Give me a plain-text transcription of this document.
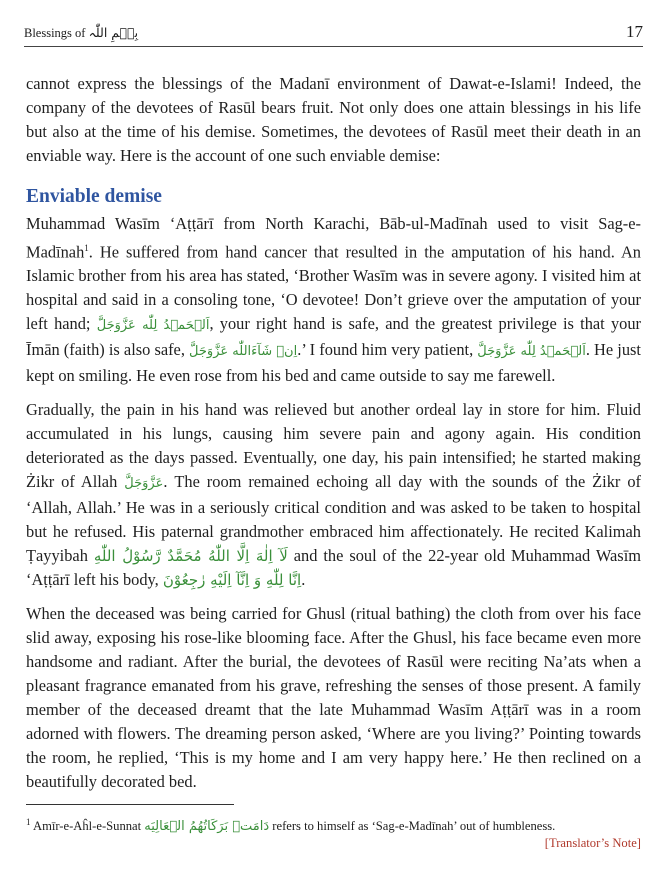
Blessings of بِسۡمِ اللّٰہ	17

cannot express the blessings of the Madanī environment of Dawat-e-Islami! Indeed, the company of the devotees of Rasūl bears fruit. Not only does one attain blessings in his life but also at the time of his demise. Sometimes, the devotees of Rasūl meet their death in an enviable way. Here is the account of one such enviable demise:

Enviable demise

Muhammad Wasīm ‘Aṭṭārī from North Karachi, Bāb-ul-Madīnah used to visit Sag-e-Madīnah$^1$. He suffered from hand cancer that resulted in the amputation of his hand. An Islamic brother from his area has stated, ‘Brother Wasīm was in severe agony. I visited him at hospital and said in a consoling tone, ‘O devotee! Don’t grieve over the amputation of your left hand; اَلۡحَمۡدُ لِلّٰه عَزَّوَجَلَّ, your right hand is safe, and the greatest privilege is that your Īmān (faith) is also safe, اِنۡ شَآءَاللّٰه عَزَّوَجَلَّ.’ I found him very patient, اَلۡحَمۡدُ لِلّٰه عَزَّوَجَلَّ. He just kept on smiling. He even rose from his bed and came outside to say me farewell.

Gradually, the pain in his hand was relieved but another ordeal lay in store for him. Fluid accumulated in his lungs, causing him severe pain and agony again. His condition deteriorated as the days passed. Eventually, one day, his pain intensified; he started making Żikr of Allah عَزَّوَجَلَّ. The room remained echoing all day with the sounds of the Żikr of ‘Allah, Allah.’ He was in a seriously critical condition and was asked to be taken to hospital but he refused. His paternal grandmother embraced him affectionately. He recited Kalimah Ṭayyibah لَآ اِلٰهَ اِلَّا اللّٰهُ مُحَمَّدٌ رَّسُوْلُ اللّٰهِ and the soul of the 22-year old Muhammad Wasīm ‘Aṭṭārī left his body, اِنَّا لِلّٰهِ وَ اِنَّآ اِلَيْهِ رٰجِعُوْنَ.

When the deceased was being carried for Ghusl (ritual bathing) the cloth from over his face slid away, exposing his rose-like blooming face. After the Ghusl, his face became even more handsome and radiant. After the burial, the devotees of Rasūl were reciting Na’ats when a pleasant fragrance emanated from his grave, refreshing the senses of those present. A family member of the deceased dreamt that the late Muhammad Wasīm Aṭṭārī was in a room adorned with flowers. The dreaming person asked, ‘Where are you living?’ Pointing towards the room, he replied, ‘This is my home and I am very happy here.’ He then reclined on a beautifully decorated bed.

$^1$ Amīr-e-Aĥl-e-Sunnat دَامَتۡ بَرَكَاتُهُمُ الۡعَالِيَه refers to himself as ‘Sag-e-Madīnah’ out of humbleness.
[Translator’s Note]
